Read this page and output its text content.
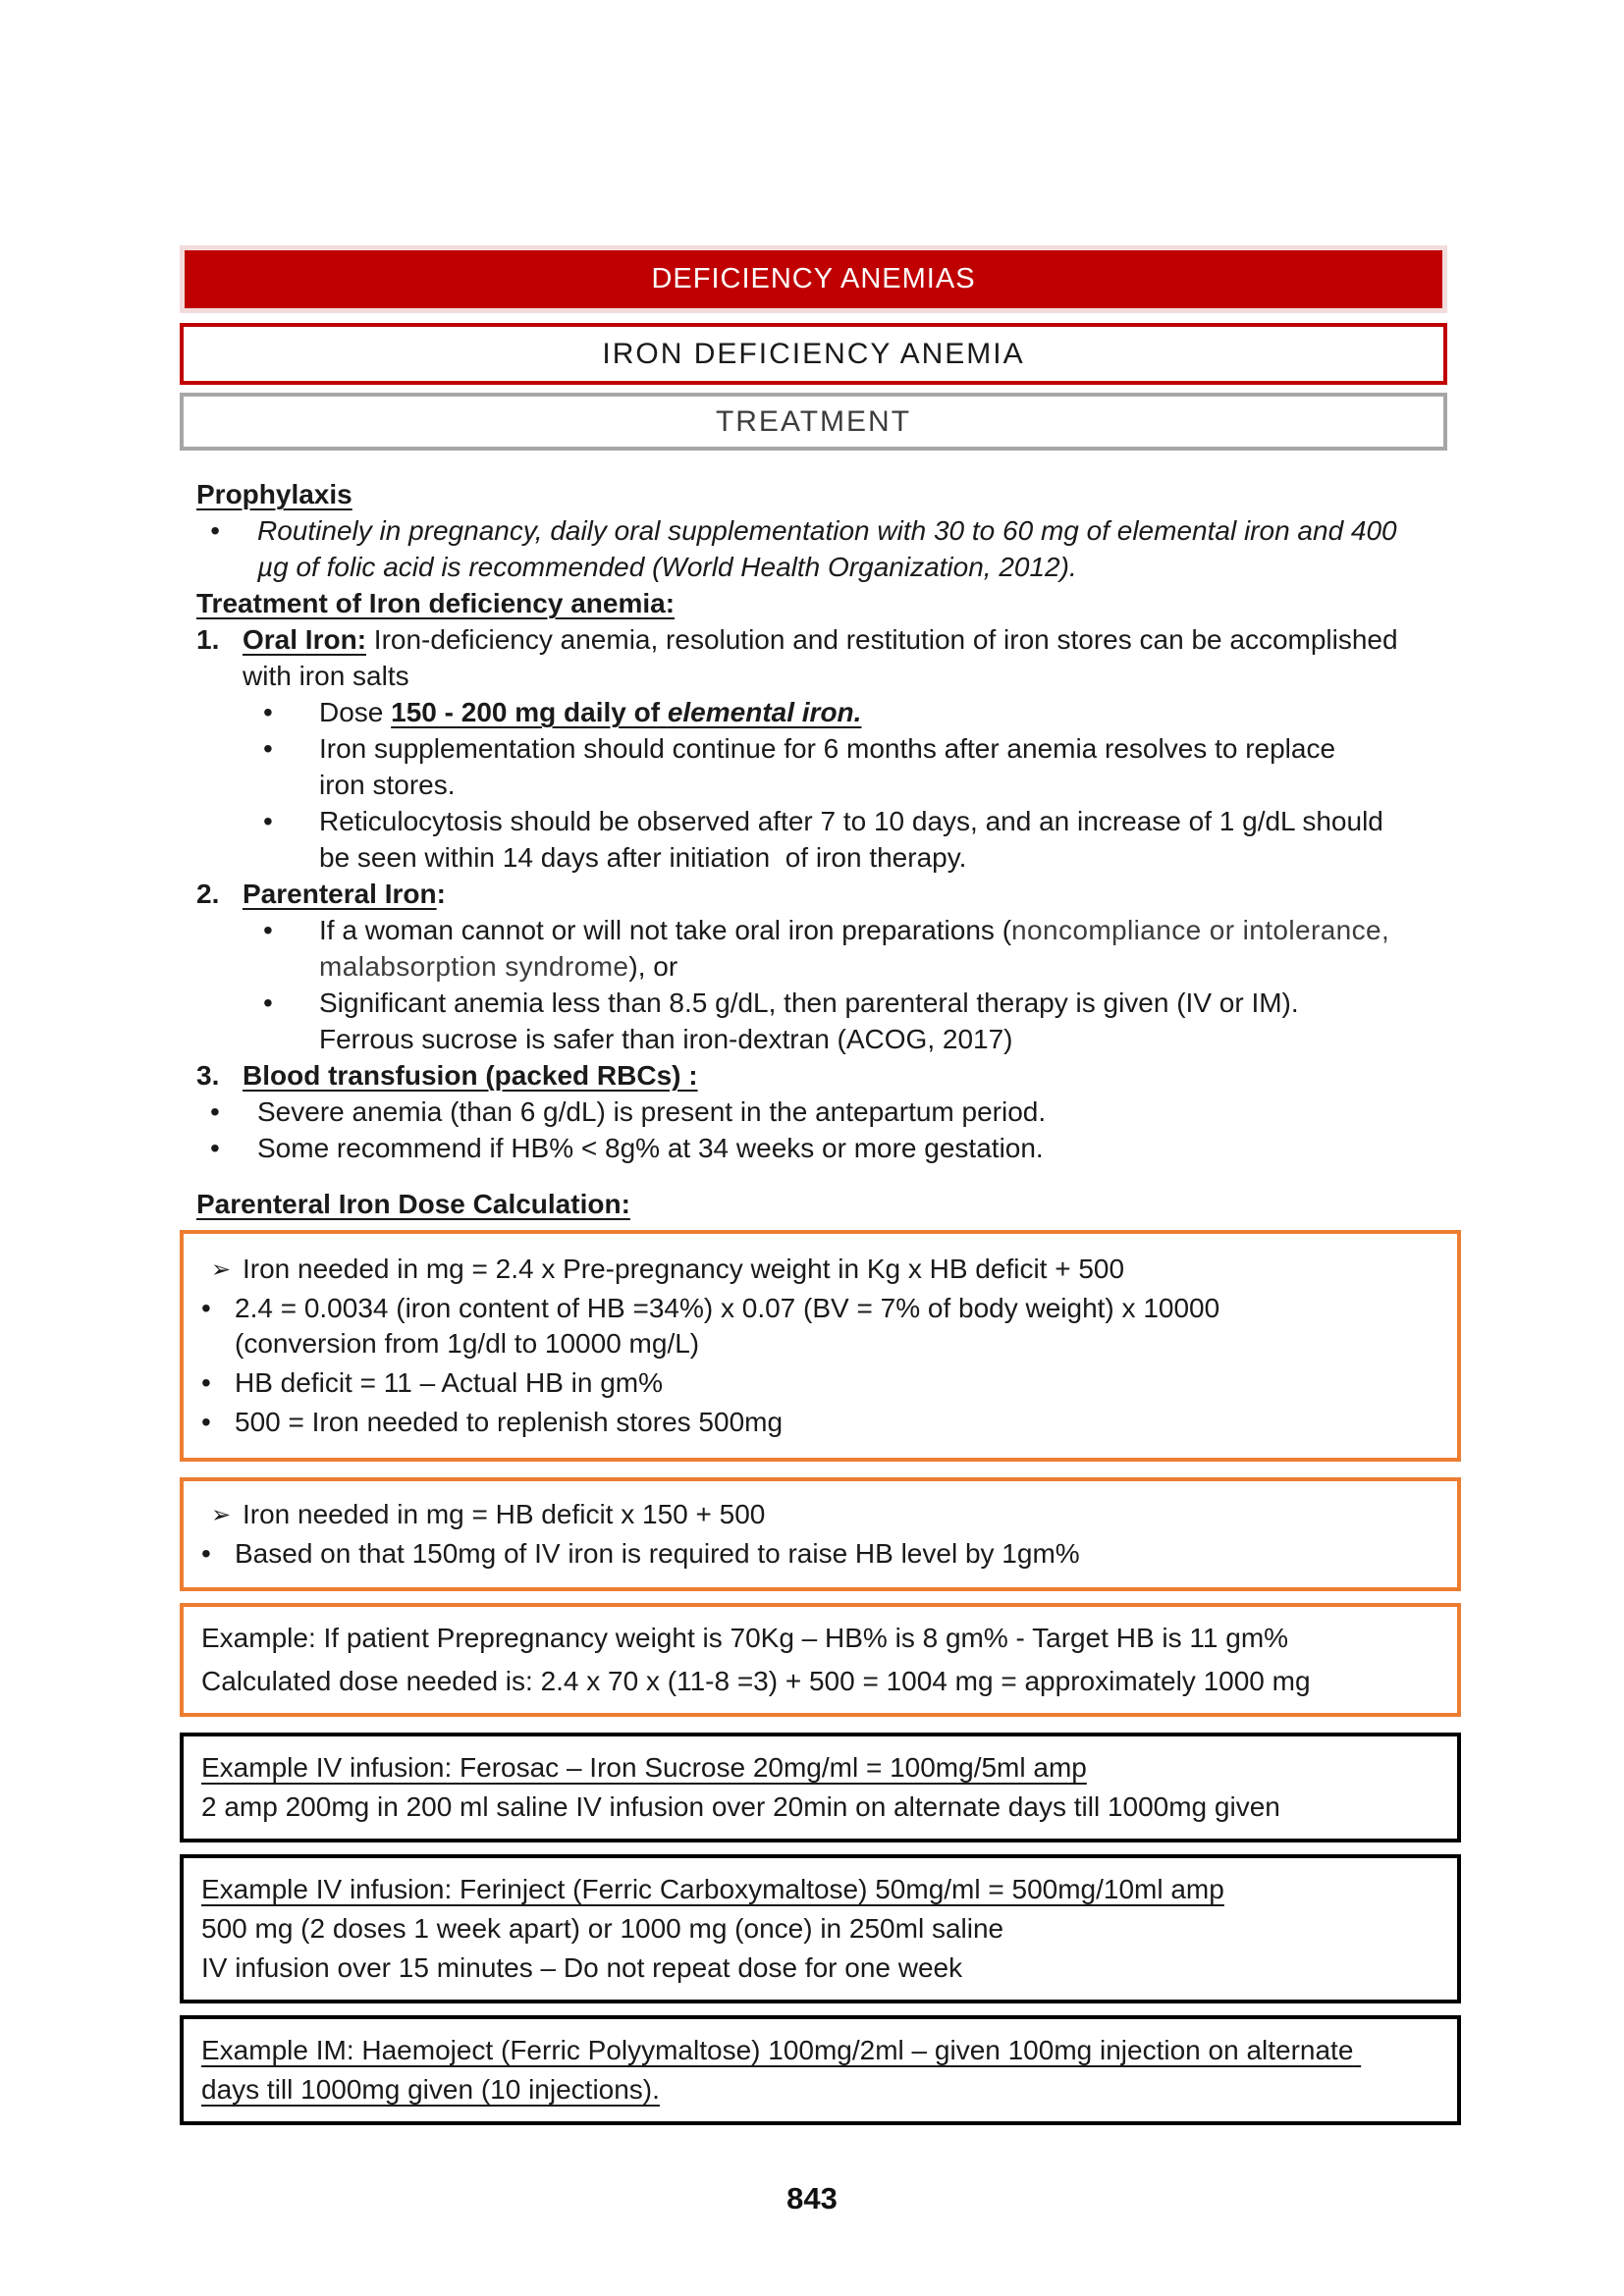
DEFICIENCY ANEMIAS
IRON DEFICIENCY ANEMIA
TREATMENT
Prophylaxis
•	Routinely in pregnancy, daily oral supplementation with 30 to 60 mg of elemental iron and 400 µg of folic acid is recommended (World Health Organization, 2012).
Treatment of Iron deficiency anemia:
1. Oral Iron: Iron-deficiency anemia, resolution and restitution of iron stores can be accomplished with iron salts
•	Dose 150 - 200 mg daily of elemental iron.
•	Iron supplementation should continue for 6 months after anemia resolves to replace iron stores.
•	Reticulocytosis should be observed after 7 to 10 days, and an increase of 1 g/dL should be seen within 14 days after initiation  of iron therapy.
2. Parenteral Iron:
•	If a woman cannot or will not take oral iron preparations (noncompliance or intolerance, malabsorption syndrome), or
•	Significant anemia less than 8.5 g/dL, then parenteral therapy is given (IV or IM). Ferrous sucrose is safer than iron-dextran (ACOG, 2017)
3. Blood transfusion (packed RBCs) :
•	Severe anemia (than 6 g/dL) is present in the antepartum period.
•	Some recommend if HB% < 8g% at 34 weeks or more gestation.
Parenteral Iron Dose Calculation:
➢ Iron needed in mg = 2.4 x Pre-pregnancy weight in Kg x HB deficit + 500
• 2.4 = 0.0034 (iron content of HB =34%) x 0.07 (BV = 7% of body weight) x 10000 (conversion from 1g/dl to 10000 mg/L)
• HB deficit = 11 – Actual HB in gm%
• 500 = Iron needed to replenish stores 500mg
➢ Iron needed in mg = HB deficit x 150 + 500
• Based on that 150mg of IV iron is required to raise HB level by 1gm%
Example: If patient Prepregnancy weight is 70Kg – HB% is 8 gm% - Target HB is 11 gm%
Calculated dose needed is: 2.4 x 70 x (11-8 =3) + 500 = 1004 mg = approximately 1000 mg
Example IV infusion: Ferosac – Iron Sucrose 20mg/ml = 100mg/5ml amp
2 amp 200mg in 200 ml saline IV infusion over 20min on alternate days till 1000mg given
Example IV infusion: Ferinject (Ferric Carboxymaltose) 50mg/ml = 500mg/10ml amp
500 mg (2 doses 1 week apart) or 1000 mg (once) in 250ml saline
IV infusion over 15 minutes – Do not repeat dose for one week
Example IM: Haemoject (Ferric Polyymaltose) 100mg/2ml – given 100mg injection on alternate days till 1000mg given (10 injections).
843
